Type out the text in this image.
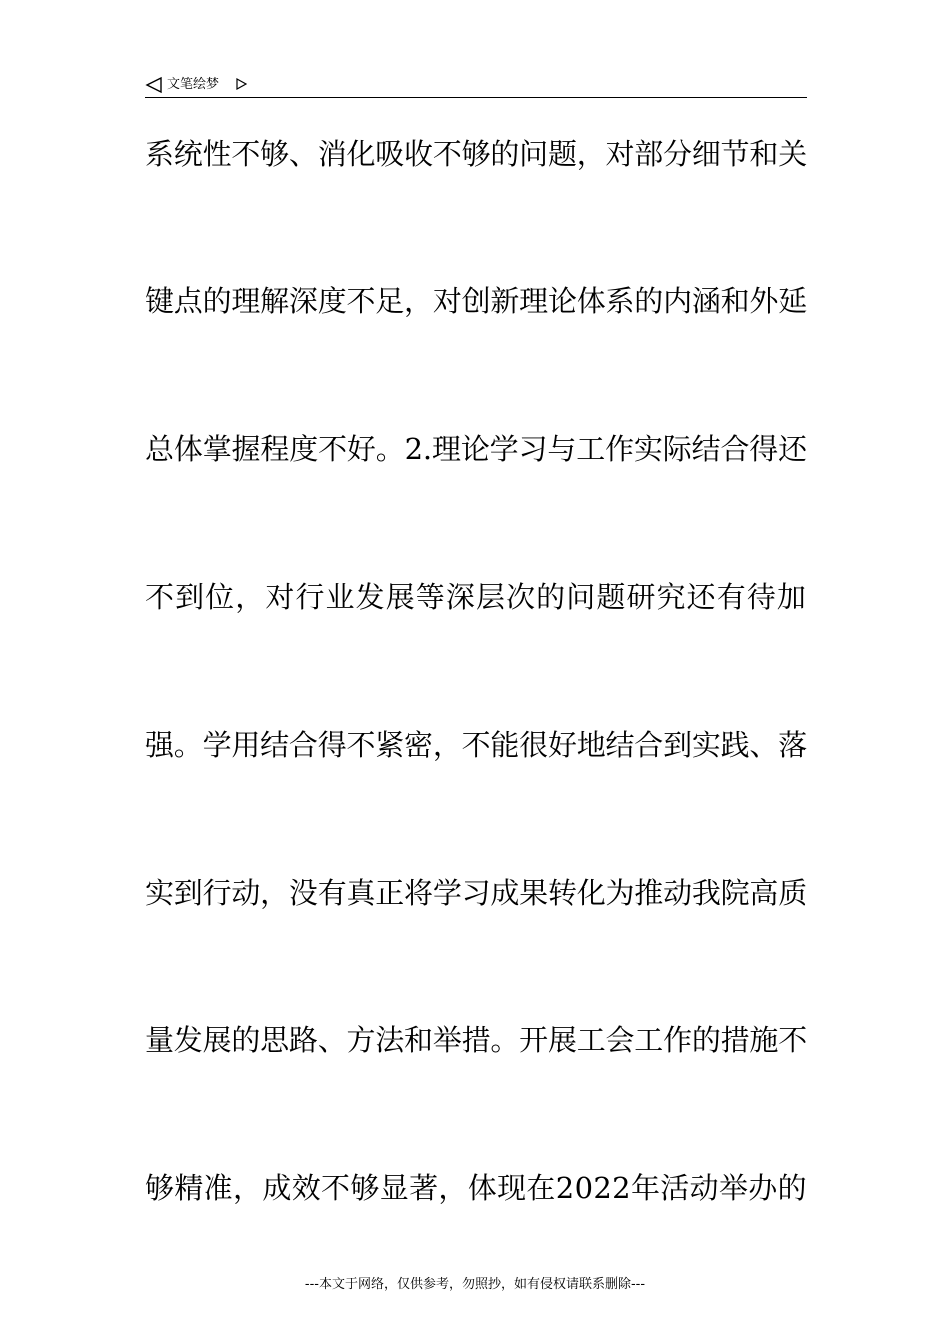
文笔绘梦
系统性不够、消化吸收不够的问题，对部分细节和关
键点的理解深度不足，对创新理论体系的内涵和外延
总体掌握程度不好。2.理论学习与工作实际结合得还
不到位，对行业发展等深层次的问题研究还有待加
强。学用结合得不紧密，不能很好地结合到实践、落
实到行动，没有真正将学习成果转化为推动我院高质
量发展的思路、方法和举措。开展工会工作的措施不
够精准，成效不够显著，体现在2022年活动举办的
---本文于网络，仅供参考，勿照抄，如有侵权请联系删除---
